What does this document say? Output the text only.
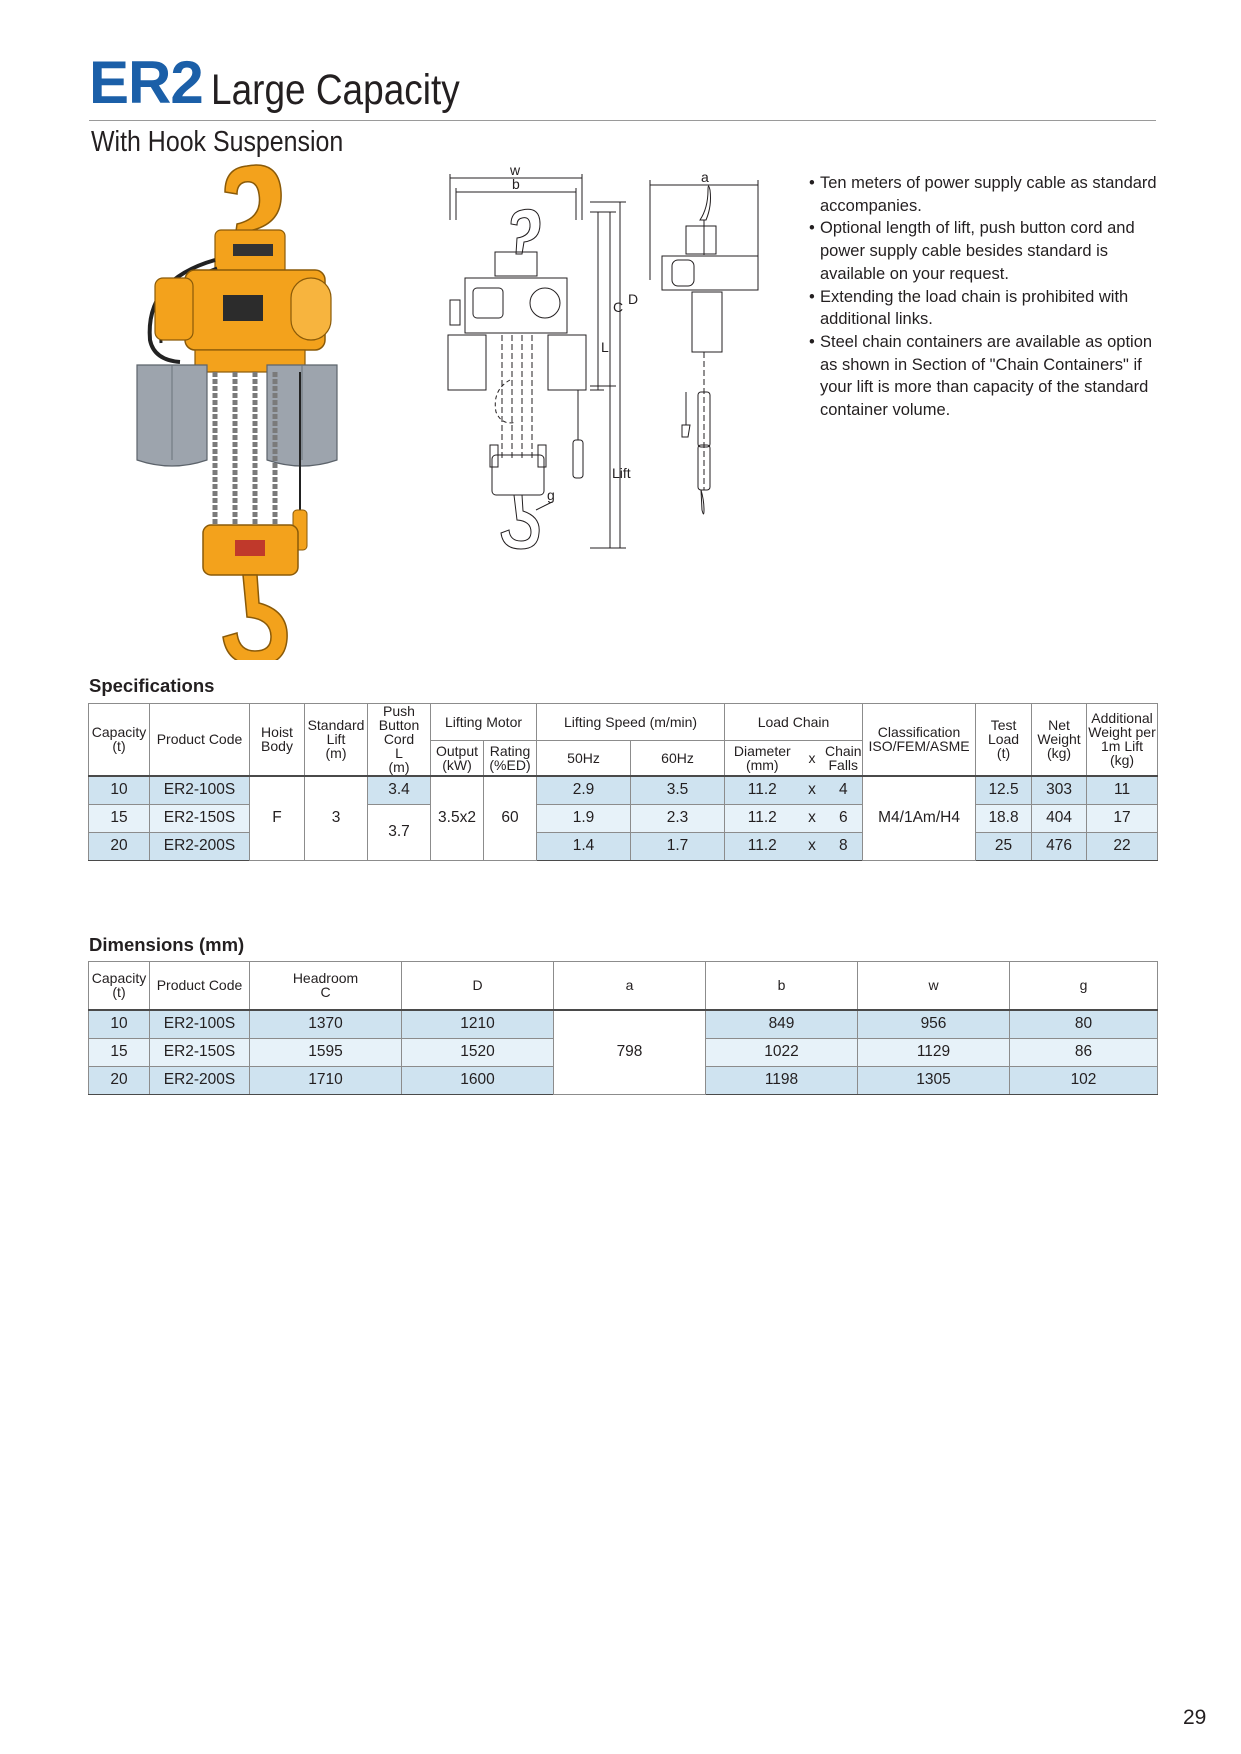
ER2 Large Capacity
With Hook Suspension
w
b	a
C D
L
Lift
g
• Ten meters of power supply cable as standard accompanies.
• Optional length of lift, push button cord and power supply cable besides standard is available on your request.
• Extending the load chain is prohibited with additional links.
• Steel chain containers are available as option as shown in Section of "Chain Containers" if your lift is more than capacity of the standard container volume.
Specifications
Capacity
(t)	Product Code	Hoist Body	Standard Lift
(m)	Push Button Cord
L
(m)	Lifting Motor		Lifting Speed (m/min)		Load Chain			Classification
ISO/FEM/ASME	Test Load
(t)	Net Weight
(kg)	Additional Weight per 1m Lift
(kg)
					Output
(kW)	Rating
(%ED)	50Hz	60Hz	Diameter
(mm)	x	Chain Falls				
10	ER2-100S	F	3	3.4	3.5x2	60	2.9	3.5	11.2	x	4	M4/1Am/H4	12.5	303	11
15	ER2-150S			3.7			1.9	2.3	11.2	x	6		18.8	404	17
20	ER2-200S						1.4	1.7	11.2	x	8		25	476	22
Dimensions (mm)
Capacity
(t)	Product Code	Headroom
C	D	a	b	w	g
10	ER2-100S	1370	1210	798	849	956	80
15	ER2-150S	1595	1520		1022	1129	86
20	ER2-200S	1710	1600		1198	1305	102
29
